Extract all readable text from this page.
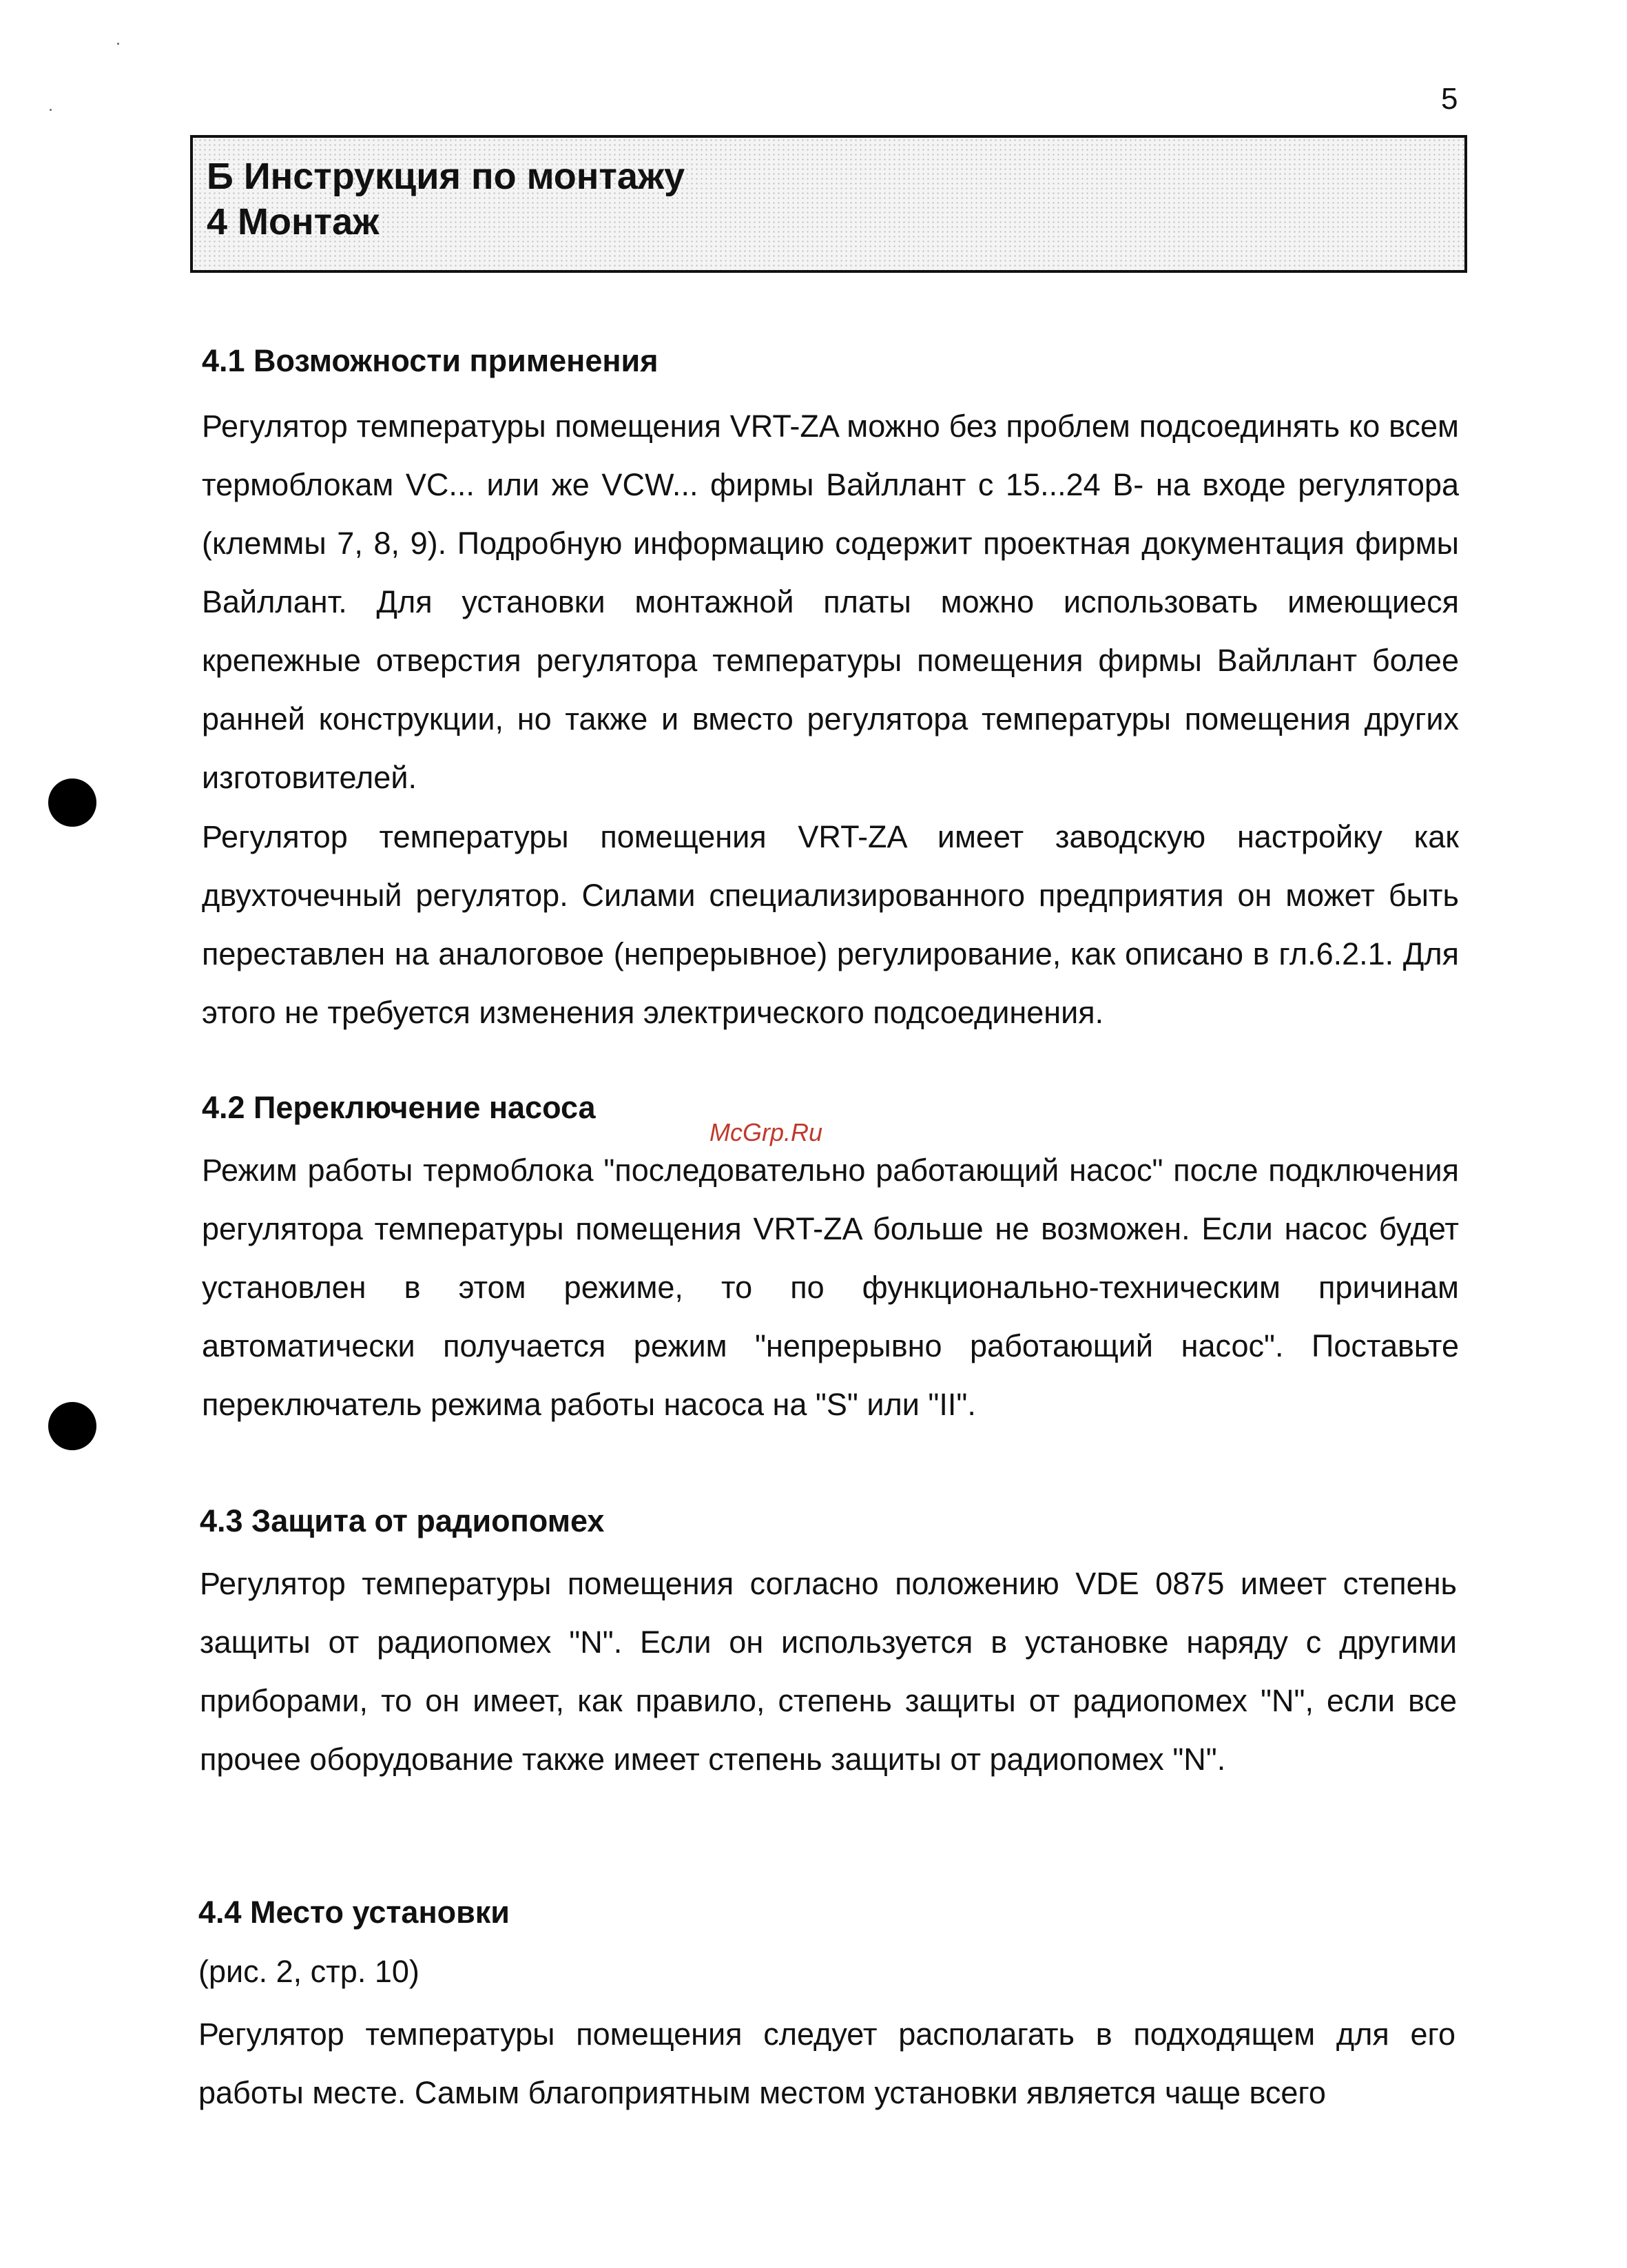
5
Б Инструкция по монтажу
4 Монтаж
4.1 Возможности применения
Регулятор температуры помещения VRT-ZA можно без проблем подсоединять ко всем термоблокам VC... или же VCW... фирмы Вайллант с 15...24 В- на входе регулятора (клеммы 7, 8, 9). Подробную информацию содержит проектная документация фирмы Вайллант. Для установки монтажной платы можно использовать имеющиеся крепежные отверстия регулятора температуры помещения фирмы Вайллант более ранней конструкции, но также и вместо регулятора температуры помещения других изготовителей.
Регулятор температуры помещения VRT-ZA имеет заводскую настройку как двухточечный регулятор. Силами специализированного предприятия он может быть переставлен на аналоговое (непрерывное) регулирование, как описано в гл.6.2.1. Для этого не требуется изменения электрического подсоединения.
4.2 Переключение насоса
McGrp.Ru
Режим работы термоблока "последовательно работающий насос" после подключения регулятора температуры помещения VRT-ZA больше не возможен. Если насос будет установлен в этом режиме, то по функционально-техническим причинам автоматически получается режим "непрерывно работающий насос". Поставьте переключатель режима работы насоса на "S" или "II".
4.3 Защита от радиопомех
Регулятор температуры помещения согласно положению VDE 0875 имеет степень защиты от радиопомех "N". Если он используется в установке наряду с другими приборами, то он имеет, как правило, степень защиты от радиопомех "N", если все прочее оборудование также имеет степень защиты от радиопомех "N".
4.4 Место установки
(рис. 2, стр. 10)
Регулятор температуры помещения следует располагать в подходящем для его работы месте. Самым благоприятным местом установки является чаще всего
